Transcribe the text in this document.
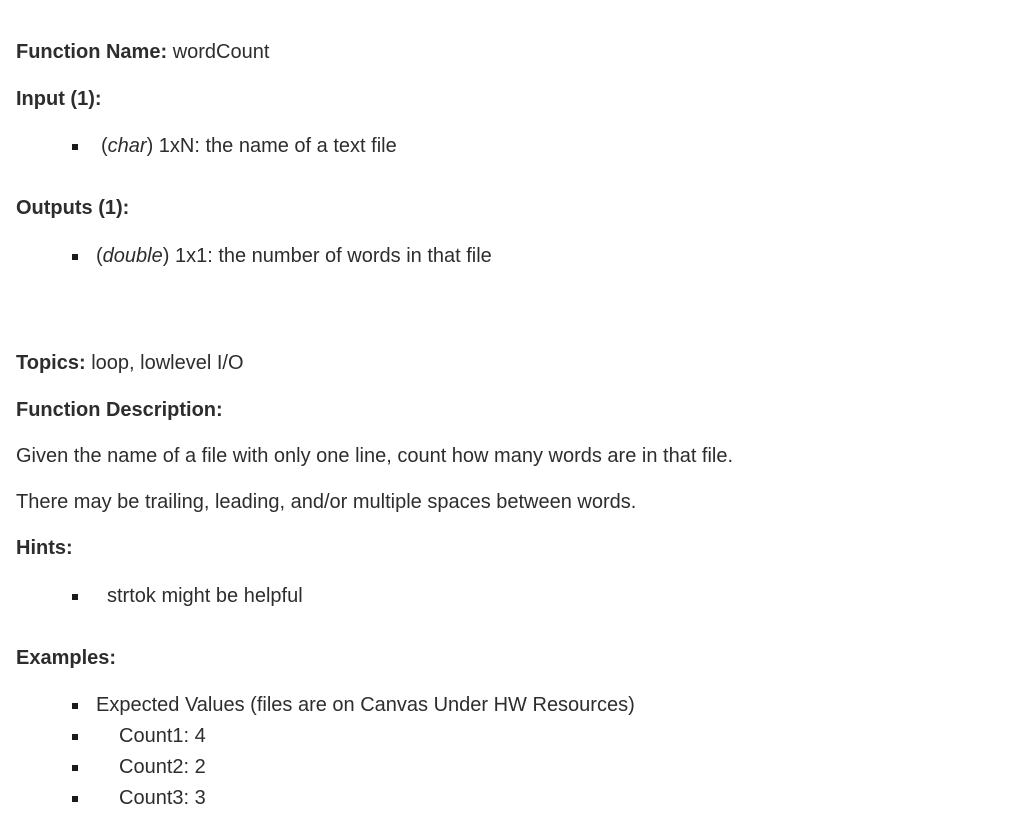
Function Name: wordCount
Input (1):
(char) 1xN: the name of a text file
Outputs (1):
(double) 1x1: the number of words in that file
Topics: loop, lowlevel I/O
Function Description:
Given the name of a file with only one line, count how many words are in that file.
There may be trailing, leading, and/or multiple spaces between words.
Hints:
strtok might be helpful
Examples:
Expected Values (files are on Canvas Under HW Resources)
Count1: 4
Count2: 2
Count3: 3
